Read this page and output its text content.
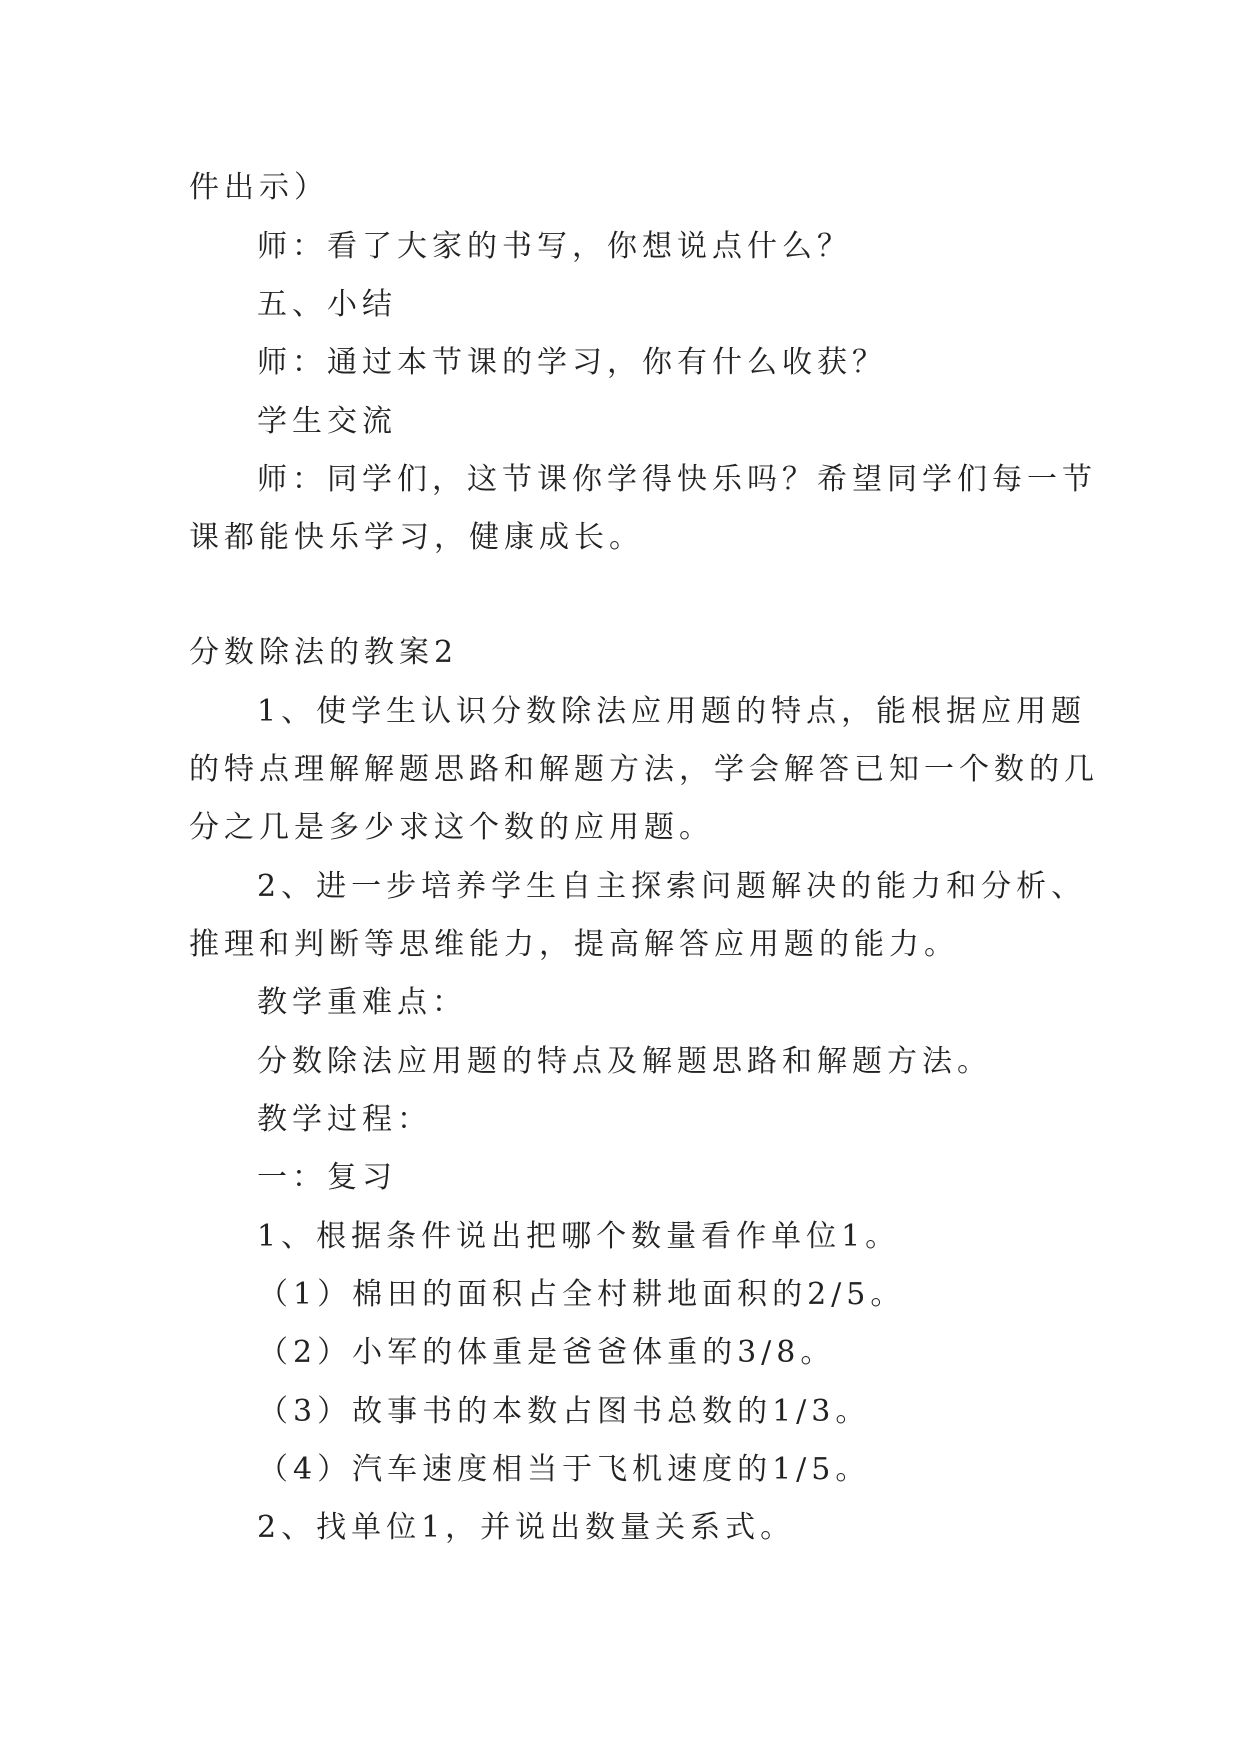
件出示）

师：看了大家的书写，你想说点什么？

五、小结

师：通过本节课的学习，你有什么收获？

学生交流

师：同学们，这节课你学得快乐吗？希望同学们每一节

课都能快乐学习，健康成长。

分数除法的教案2

1、使学生认识分数除法应用题的特点，能根据应用题

的特点理解解题思路和解题方法，学会解答已知一个数的几

分之几是多少求这个数的应用题。

2、进一步培养学生自主探索问题解决的能力和分析、

推理和判断等思维能力，提高解答应用题的能力。

教学重难点：

分数除法应用题的特点及解题思路和解题方法。

教学过程：

一：复习

1、根据条件说出把哪个数量看作单位1。

（1）棉田的面积占全村耕地面积的2/5。

（2）小军的体重是爸爸体重的3/8。

（3）故事书的本数占图书总数的1/3。

（4）汽车速度相当于飞机速度的1/5。

2、找单位1，并说出数量关系式。
